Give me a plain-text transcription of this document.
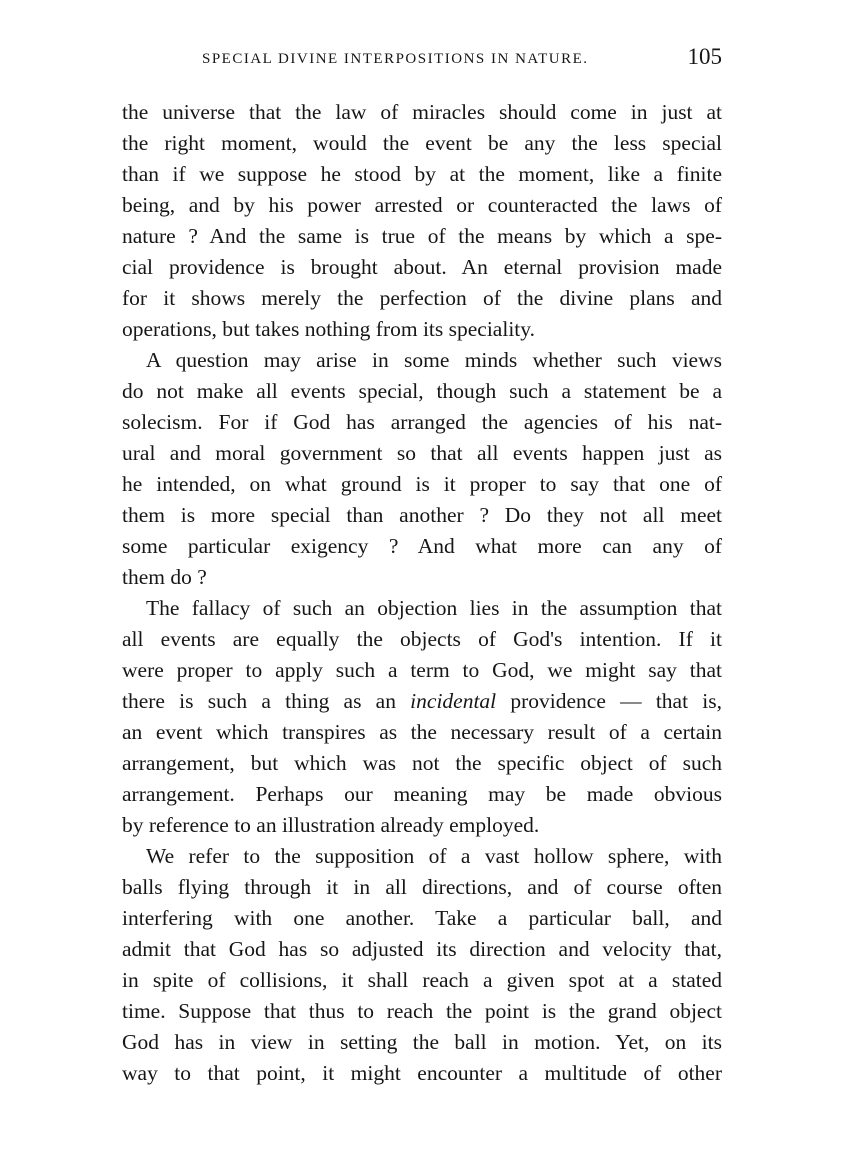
SPECIAL DIVINE INTERPOSITIONS IN NATURE.	105
the universe that the law of miracles should come in just at
the right moment, would the event be any the less special
than if we suppose he stood by at the moment, like a finite
being, and by his power arrested or counteracted the laws of
nature ? And the same is true of the means by which a spe-
cial providence is brought about. An eternal provision made
for it shows merely the perfection of the divine plans and
operations, but takes nothing from its speciality.
A question may arise in some minds whether such views
do not make all events special, though such a statement be a
solecism. For if God has arranged the agencies of his nat-
ural and moral government so that all events happen just as
he intended, on what ground is it proper to say that one of
them is more special than another ? Do they not all meet
some particular exigency ? And what more can any of
them do ?
The fallacy of such an objection lies in the assumption that
all events are equally the objects of God's intention. If it
were proper to apply such a term to God, we might say that
there is such a thing as an incidental providence — that is,
an event which transpires as the necessary result of a certain
arrangement, but which was not the specific object of such
arrangement. Perhaps our meaning may be made obvious
by reference to an illustration already employed.
We refer to the supposition of a vast hollow sphere, with
balls flying through it in all directions, and of course often
interfering with one another. Take a particular ball, and
admit that God has so adjusted its direction and velocity that,
in spite of collisions, it shall reach a given spot at a stated
time. Suppose that thus to reach the point is the grand object
God has in view in setting the ball in motion. Yet, on its
way to that point, it might encounter a multitude of other
